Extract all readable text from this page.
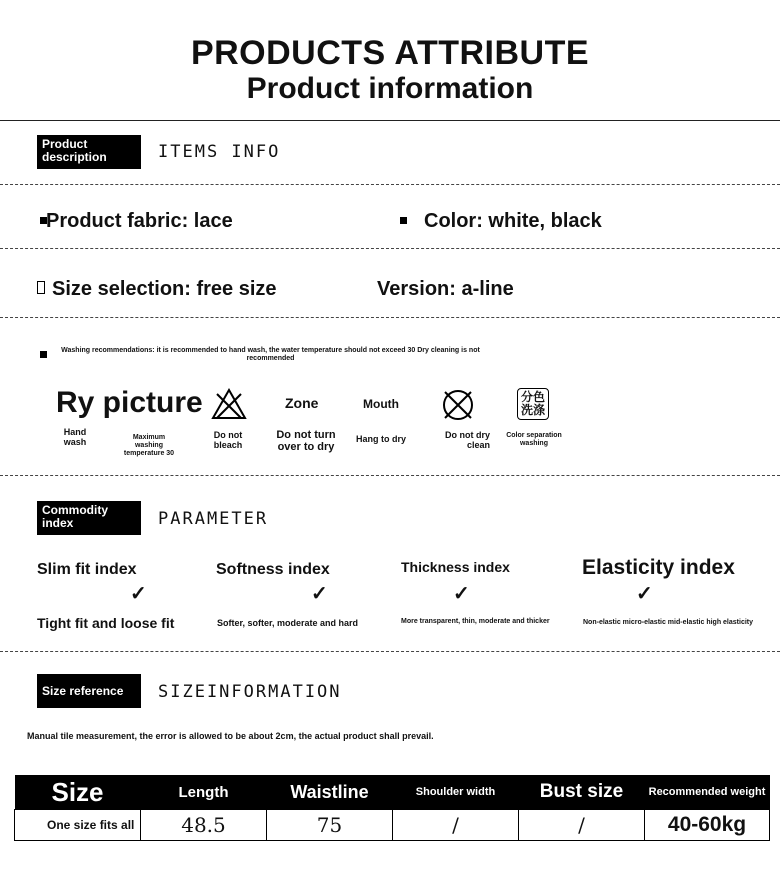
PRODUCTS ATTRIBUTE
Product information
Product description	ITEMS INFO
Product fabric: lace	Color: white, black
Size selection: free size	Version: a-line
Washing recommendations: it is recommended to hand wash, the water temperature should not exceed 30 Dry cleaning is not recommended
Ry picture	Zone	Mouth	分色
洗涤
Hand wash	Maximum washing temperature 30
Do not bleach
Do not turn over to dry
Hang to dry	Do not dry clean
Color separation washing
Commodity index	PARAMETER
Slim fit index	Softness index	Thickness index	Elasticity index
✓	✓	✓	✓
Tight fit and loose fit	Softer, softer, moderate and hard	More transparent, thin, moderate and thicker	Non-elastic micro-elastic mid-elastic high elasticity
Size reference	SIZEINFORMATION
Manual tile measurement, the error is allowed to be about 2cm, the actual product shall prevail.
Size	Length	Waistline	Shoulder width	Bust size	Recommended weight
One size fits all	48.5	75	/	/	40-60kg
